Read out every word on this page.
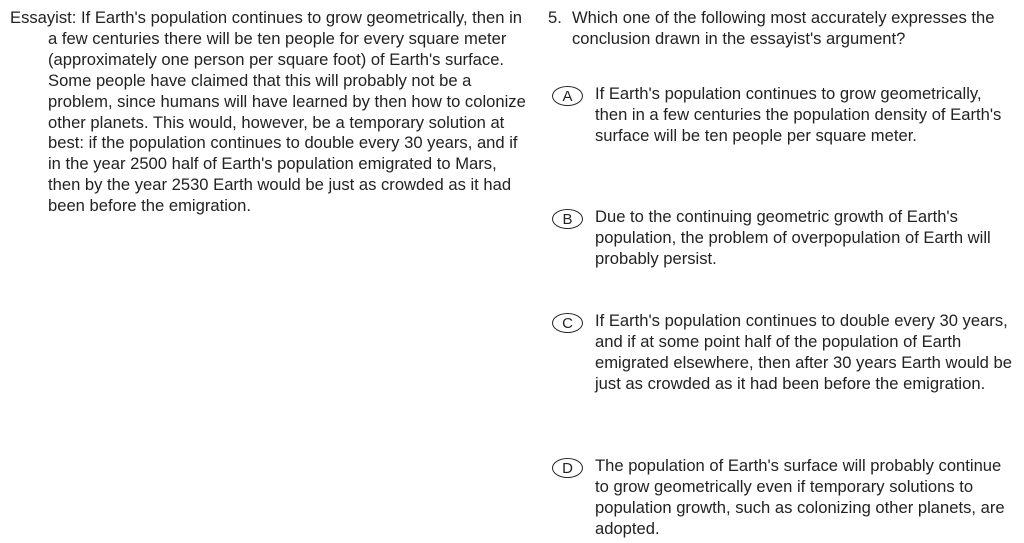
Essayist: If Earth's population continues to grow geometrically, then in a few centuries there will be ten people for every square meter (approximately one person per square foot) of Earth's surface. Some people have claimed that this will probably not be a problem, since humans will have learned by then how to colonize other planets. This would, however, be a temporary solution at best: if the population continues to double every 30 years, and if in the year 2500 half of Earth's population emigrated to Mars, then by the year 2530 Earth would be just as crowded as it had been before the emigration.
5. Which one of the following most accurately expresses the conclusion drawn in the essayist's argument?
A	If Earth's population continues to grow geometrically, then in a few centuries the population density of Earth's surface will be ten people per square meter.
B	Due to the continuing geometric growth of Earth's population, the problem of overpopulation of Earth will probably persist.
C	If Earth's population continues to double every 30 years, and if at some point half of the population of Earth emigrated elsewhere, then after 30 years Earth would be just as crowded as it had been before the emigration.
D	The population of Earth's surface will probably continue to grow geometrically even if temporary solutions to population growth, such as colonizing other planets, are adopted.
